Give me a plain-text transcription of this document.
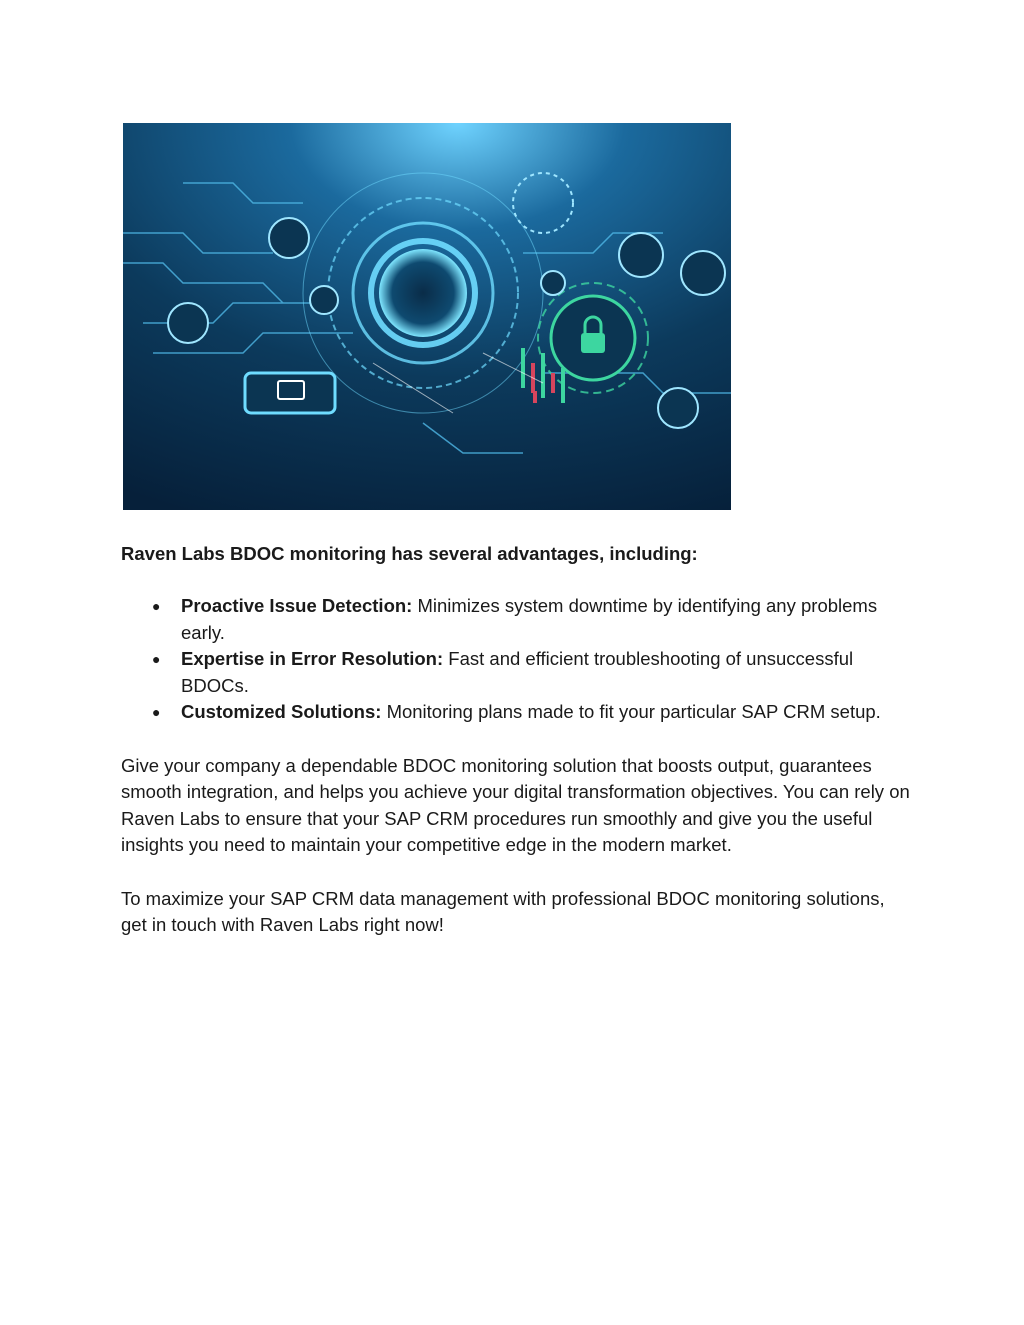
Raven Labs BDOC monitoring has several advantages, including:

● Proactive Issue Detection: Minimizes system downtime by identifying any problems early.
● Expertise in Error Resolution: Fast and efficient troubleshooting of unsuccessful BDOCs.
● Customized Solutions: Monitoring plans made to fit your particular SAP CRM setup.

Give your company a dependable BDOC monitoring solution that boosts output, guarantees smooth integration, and helps you achieve your digital transformation objectives. You can rely on Raven Labs to ensure that your SAP CRM procedures run smoothly and give you the useful insights you need to maintain your competitive edge in the modern market.

To maximize your SAP CRM data management with professional BDOC monitoring solutions, get in touch with Raven Labs right now!
